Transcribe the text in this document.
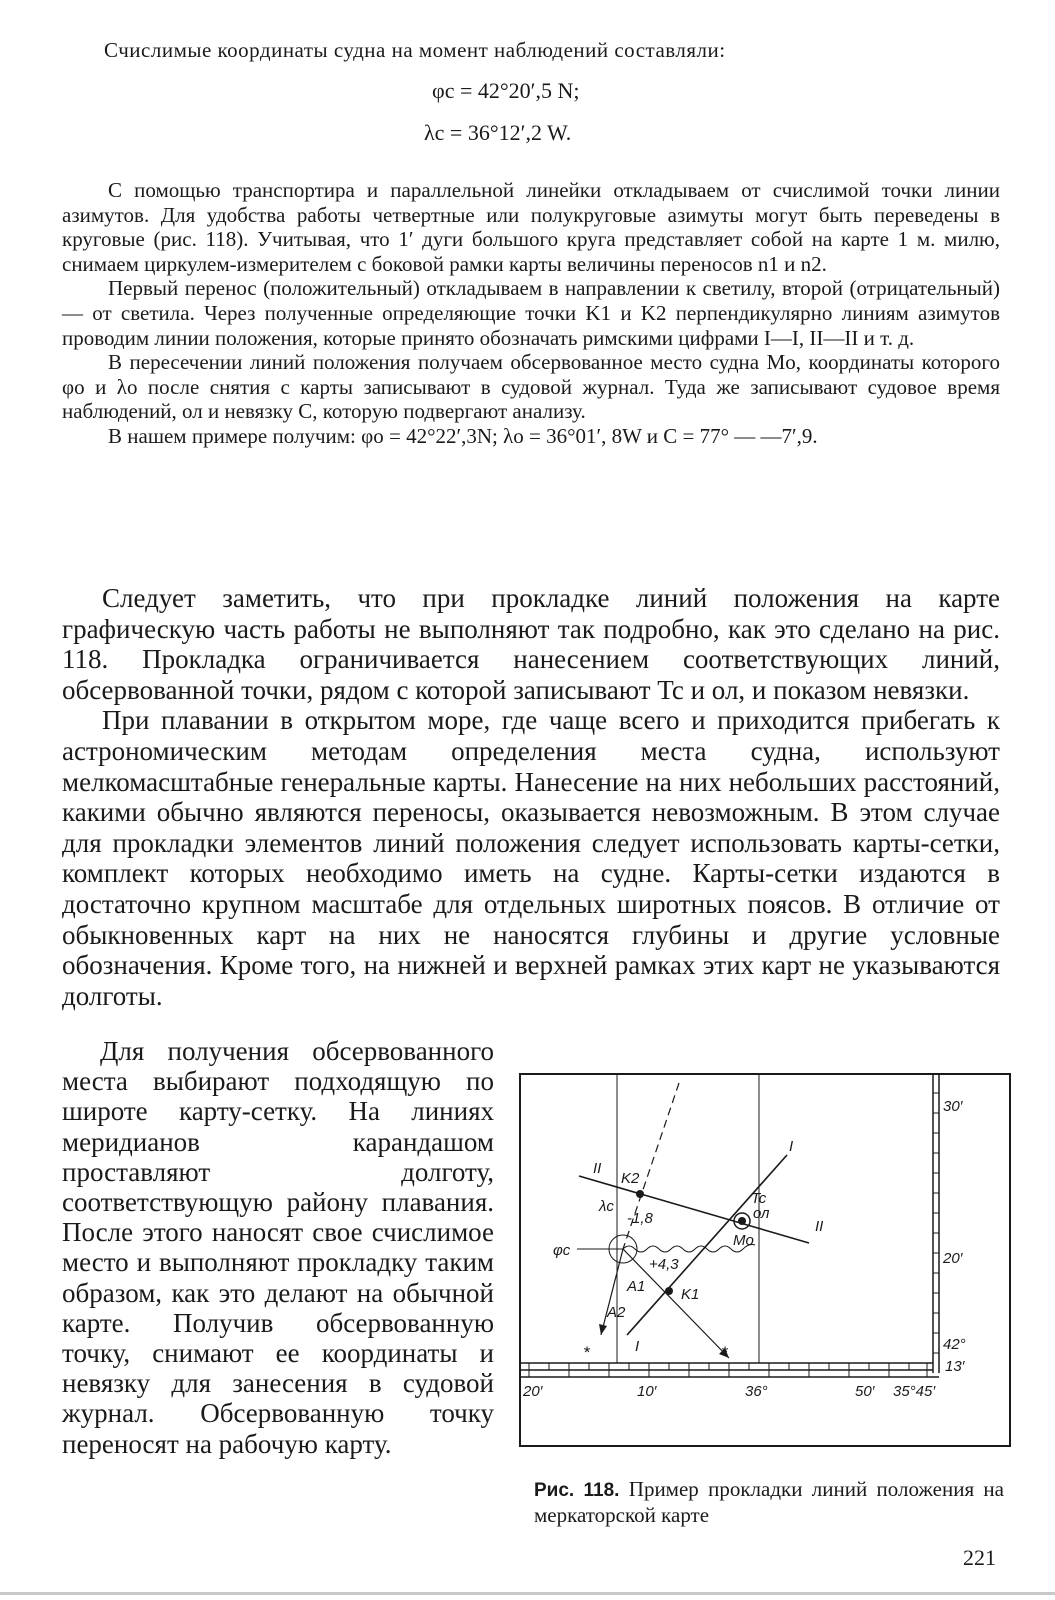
Счислимые координаты судна на момент наблюдений составляли:
φc = 42°20′,5 N;
λc = 36°12′,2 W.

С помощью транспортира и параллельной линейки откладываем от счислимой точки линии азимутов. Для удобства работы четвертные или полукруговые азимуты могут быть переведены в круговые (рис. 118). Учитывая, что 1′ дуги большого круга представляет собой на карте 1 м. милю, снимаем циркулем-измерителем с боковой рамки карты величины переносов n1 и n2.

Первый перенос (положительный) откладываем в направлении к светилу, второй (отрицательный) — от светила. Через полученные определяющие точки K1 и K2 перпендикулярно линиям азимутов проводим линии положения, которые принято обозначать римскими цифрами I—I, II—II и т. д.

В пересечении линий положения получаем обсервованное место судна Mo, координаты которого φo и λo после снятия с карты записывают в судовой журнал. Туда же записывают судовое время наблюдений, ол и невязку C, которую подвергают анализу.

В нашем примере получим: φo = 42°22′,3N; λo = 36°01′, 8W и C = 77° — —7′,9.

Следует заметить, что при прокладке линий положения на карте графическую часть работы не выполняют так подробно, как это сделано на рис. 118. Прокладка ограничивается нанесением соответствующих линий, обсервованной точки, рядом с которой записывают Tc и ол, и показом невязки.

При плавании в открытом море, где чаще всего и приходится прибегать к астрономическим методам определения места судна, используют мелкомасштабные генеральные карты. Нанесение на них небольших расстояний, какими обычно являются переносы, оказывается невозможным. В этом случае для прокладки элементов линий положения следует использовать карты-сетки, комплект которых необходимо иметь на судне. Карты-сетки издаются в достаточно крупном масштабе для отдельных широтных поясов. В отличие от обыкновенных карт на них не наносятся глубины и другие условные обозначения. Кроме того, на нижней и верхней рамках этих карт не указываются долготы.

Для получения обсервованного места выбирают подходящую по широте карту-сетку. На линиях меридианов карандашом проставляют долготу, соответствующую району плавания. После этого наносят свое счислимое место и выполняют прокладку таким образом, как это делают на обычной карте. Получив обсервованную точку, снимают ее координаты и невязку для занесения в судовой журнал. Обсервованную точку переносят на рабочую карту.

30′
20′
42°
13′
20′	10′	36°	50′ 35°45′
II
II
I
I
K2
K1
Mo
Tc
ол
φc
λc
A1
A2
+4,3
-1,8
*	*
Рис. 118. Пример прокладки линий положения на меркаторской карте
221
